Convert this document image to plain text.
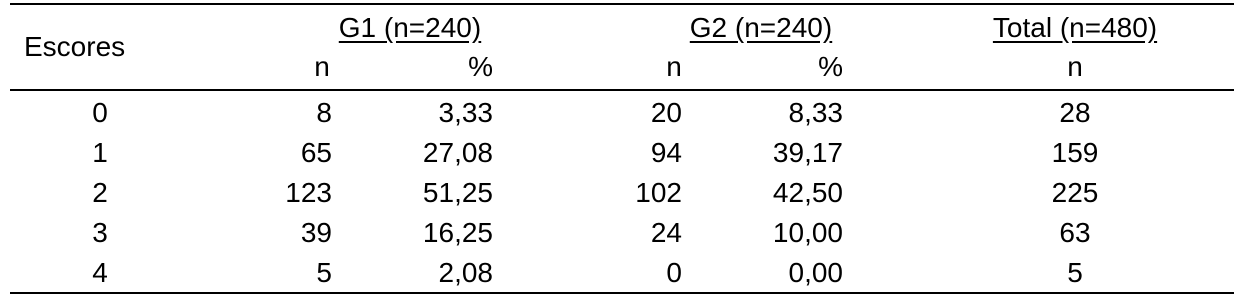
Escores
G1 (n=240)	G2 (n=240)	Total (n=480)
n	%	n	%	n
0	8	3,33	20	8,33	28
1	65	27,08	94	39,17	159
2	123	51,25	102	42,50	225
3	39	16,25	24	10,00	63
4	5	2,08	0	0,00	5
